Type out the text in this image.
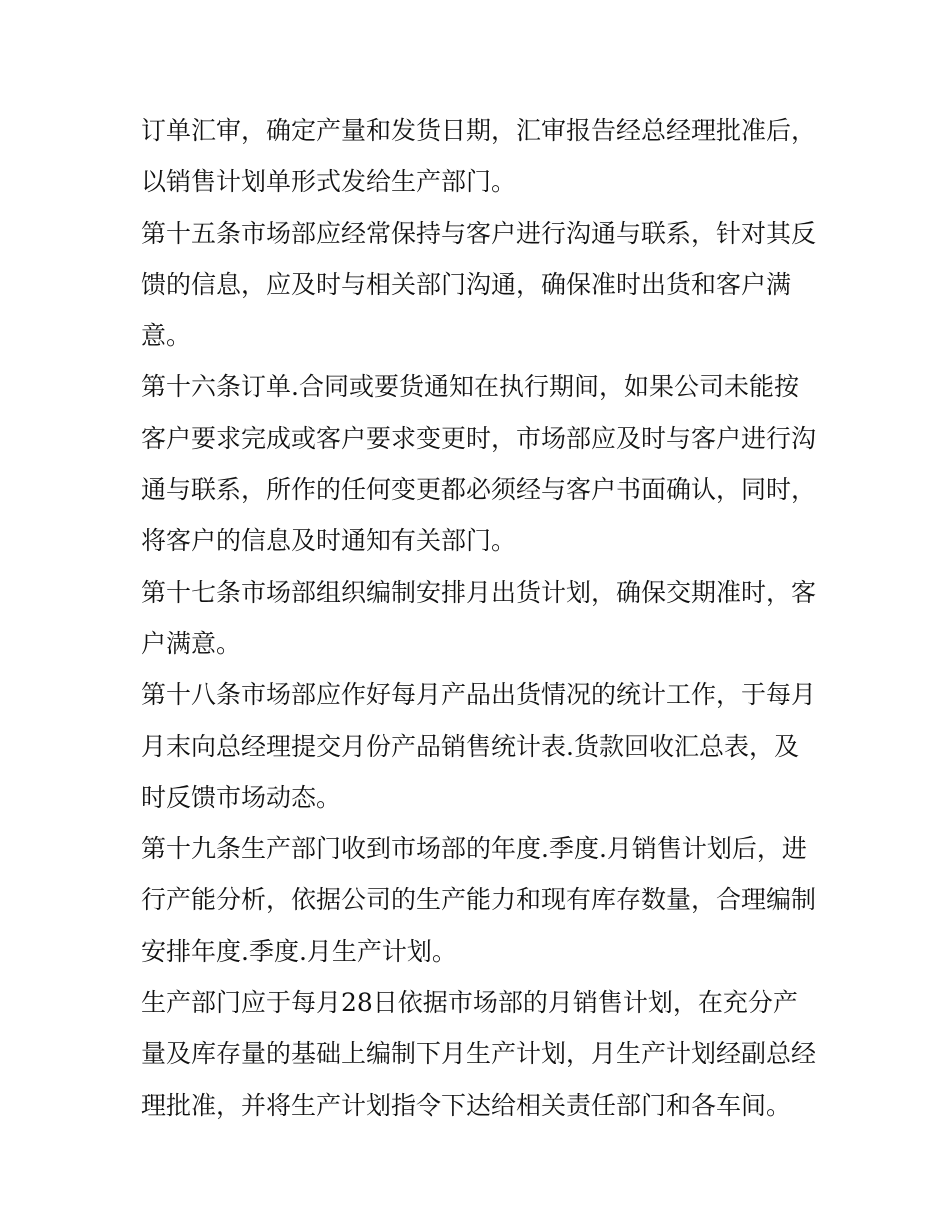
订单汇审，确定产量和发货日期，汇审报告经总经理批准后，
以销售计划单形式发给生产部门。
第十五条市场部应经常保持与客户进行沟通与联系，针对其反
馈的信息，应及时与相关部门沟通，确保准时出货和客户满
意。
第十六条订单.合同或要货通知在执行期间，如果公司未能按
客户要求完成或客户要求变更时，市场部应及时与客户进行沟
通与联系，所作的任何变更都必须经与客户书面确认，同时，
将客户的信息及时通知有关部门。
第十七条市场部组织编制安排月出货计划，确保交期准时，客
户满意。
第十八条市场部应作好每月产品出货情况的统计工作，于每月
月末向总经理提交月份产品销售统计表.货款回收汇总表，及
时反馈市场动态。
第十九条生产部门收到市场部的年度.季度.月销售计划后，进
行产能分析，依据公司的生产能力和现有库存数量，合理编制
安排年度.季度.月生产计划。
生产部门应于每月28日依据市场部的月销售计划，在充分产
量及库存量的基础上编制下月生产计划，月生产计划经副总经
理批准，并将生产计划指令下达给相关责任部门和各车间。
